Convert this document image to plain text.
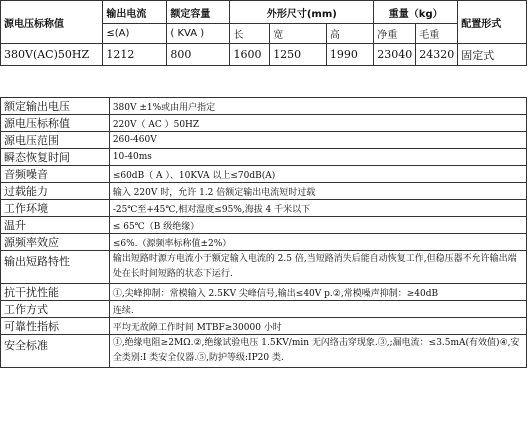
源电压标称值	输出电流	额定容量	外形尺寸(mm)			重量（kg）		配置形式
	≤(A)	( KVA )	长	宽	高	净重	毛重	
380V(AC)50HZ	1212	800	1600	1250	1990	23040	24320	固定式
额定输出电压	380V ±1%或由用户指定
源电压标称值	220V（ AC ）50HZ
源电压范围	260-460V
瞬态恢复时间	10-40ms
音频噪音	≤60dB（ A ）、10KVA 以上≤70dB(A)
过载能力	输入 220V 时，允许 1.2 倍额定输出电流短时过载
工作环境	-25℃至+45℃,相对湿度≤95%,海拔 4 千米以下
温升	≤ 65℃（B 级绝缘）
源频率效应	≤6%.（源频率标称值±2%）
输出短路特性	输出短路时源方电流小于额定输入电流的 2.5 倍,当短路消失后能自动恢复工作,但稳压器不允许输出端处在长时间短路的状态下运行.
抗干扰性能	①,尖峰抑制：常模输入 2.5KV 尖峰信号,输出≤40V p.②,常模噪声抑制：≥40dB
工作方式	连续.
可靠性指标	平均无故障工作时间 MTBF≥30000 小时
安全标准	①,绝缘电阻≥2MΩ.②,绝缘试验电压 1.5KV/min 无闪络击穿现象.③,;漏电流：≤3.5mA(有效值)④,安全类别:I 类安全仪器.⑤,防护等级:IP20 类.
